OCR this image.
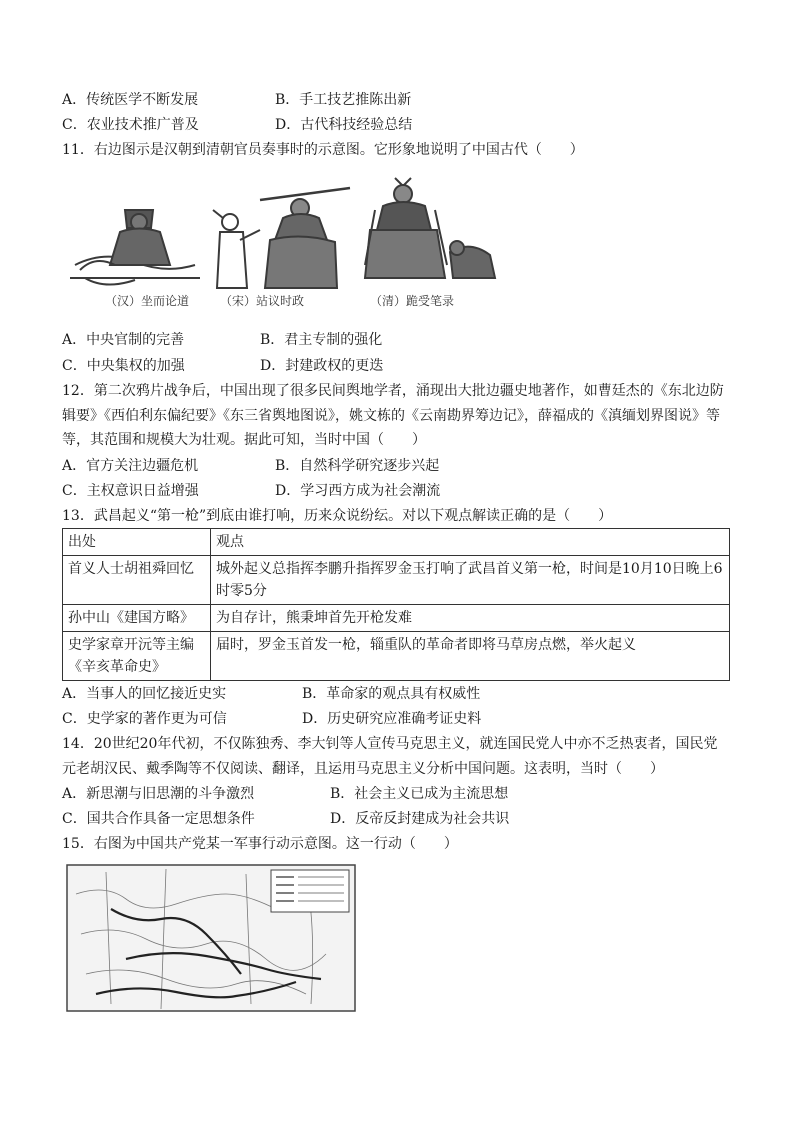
A．传统医学不断发展	B．手工技艺推陈出新
C．农业技术推广普及	D．古代科技经验总结
11．右边图示是汉朝到清朝官员奏事时的示意图。它形象地说明了中国古代（　　）
（汉）坐而论道	（宋）站议时政	（清）跪受笔录
A．中央官制的完善	B．君主专制的强化
C．中央集权的加强	D．封建政权的更迭
12．第二次鸦片战争后，中国出现了很多民间舆地学者，涌现出大批边疆史地著作，如曹廷杰的《东北边防
辑要》《西伯利东偏纪要》《东三省舆地图说》，姚文栋的《云南勘界筹边记》，薛福成的《滇缅划界图说》等
等，其范围和规模大为壮观。据此可知，当时中国（　　）
A．官方关注边疆危机	B．自然科学研究逐步兴起
C．主权意识日益增强	D．学习西方成为社会潮流
13．武昌起义“第一枪”到底由谁打响，历来众说纷纭。对以下观点解读正确的是（　　）
出处	观点
首义人士胡祖舜回忆	城外起义总指挥李鹏升指挥罗金玉打响了武昌首义第一枪，时间是10月10日晚上6时零5分
孙中山《建国方略》	为自存计，熊秉坤首先开枪发难
史学家章开沅等主编《辛亥革命史》	届时，罗金玉首发一枪，辎重队的革命者即将马草房点燃，举火起义
A．当事人的回忆接近史实	B．革命家的观点具有权威性
C．史学家的著作更为可信	D．历史研究应准确考证史料
14．20世纪20年代初，不仅陈独秀、李大钊等人宣传马克思主义，就连国民党人中亦不乏热衷者，国民党
元老胡汉民、戴季陶等不仅阅读、翻译，且运用马克思主义分析中国问题。这表明，当时（　　）
A．新思潮与旧思潮的斗争激烈	B．社会主义已成为主流思想
C．国共合作具备一定思想条件	D．反帝反封建成为社会共识
15．右图为中国共产党某一军事行动示意图。这一行动（　　）
